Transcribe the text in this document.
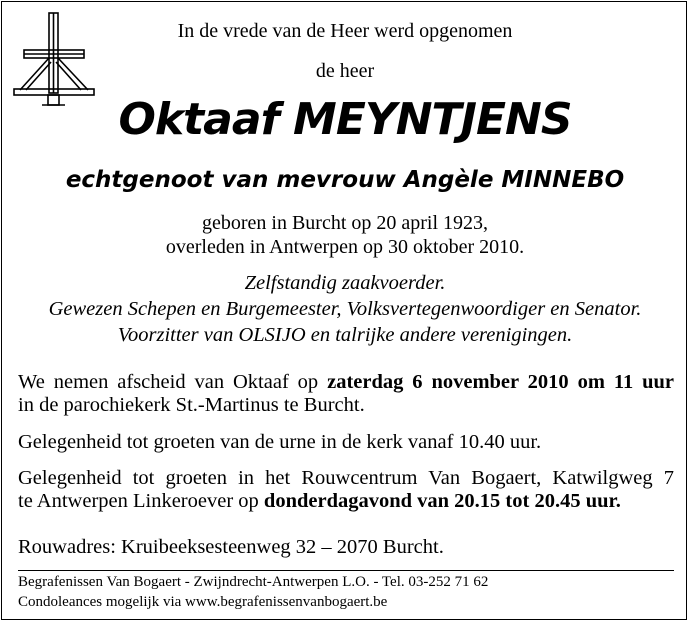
In de vrede van de Heer werd opgenomen
de heer
Oktaaf MEYNTJENS
echtgenoot van mevrouw Angèle MINNEBO
geboren in Burcht op 20 april 1923,
overleden in Antwerpen op 30 oktober 2010.
Zelfstandig zaakvoerder.
Gewezen Schepen en Burgemeester, Volksvertegenwoordiger en Senator.
Voorzitter van OLSIJO en talrijke andere verenigingen.
We nemen afscheid van Oktaaf op zaterdag 6 november 2010 om 11 uur
in de parochiekerk St.-Martinus te Burcht.
Gelegenheid tot groeten van de urne in de kerk vanaf 10.40 uur.
Gelegenheid tot groeten in het Rouwcentrum Van Bogaert, Katwilgweg 7
te Antwerpen Linkeroever op donderdagavond van 20.15 tot 20.45 uur.
Rouwadres: Kruibeeksesteenweg 32 – 2070 Burcht.
Begrafenissen Van Bogaert - Zwijndrecht-Antwerpen L.O. - Tel. 03-252 71 62
Condoleances mogelijk via www.begrafenissenvanbogaert.be
